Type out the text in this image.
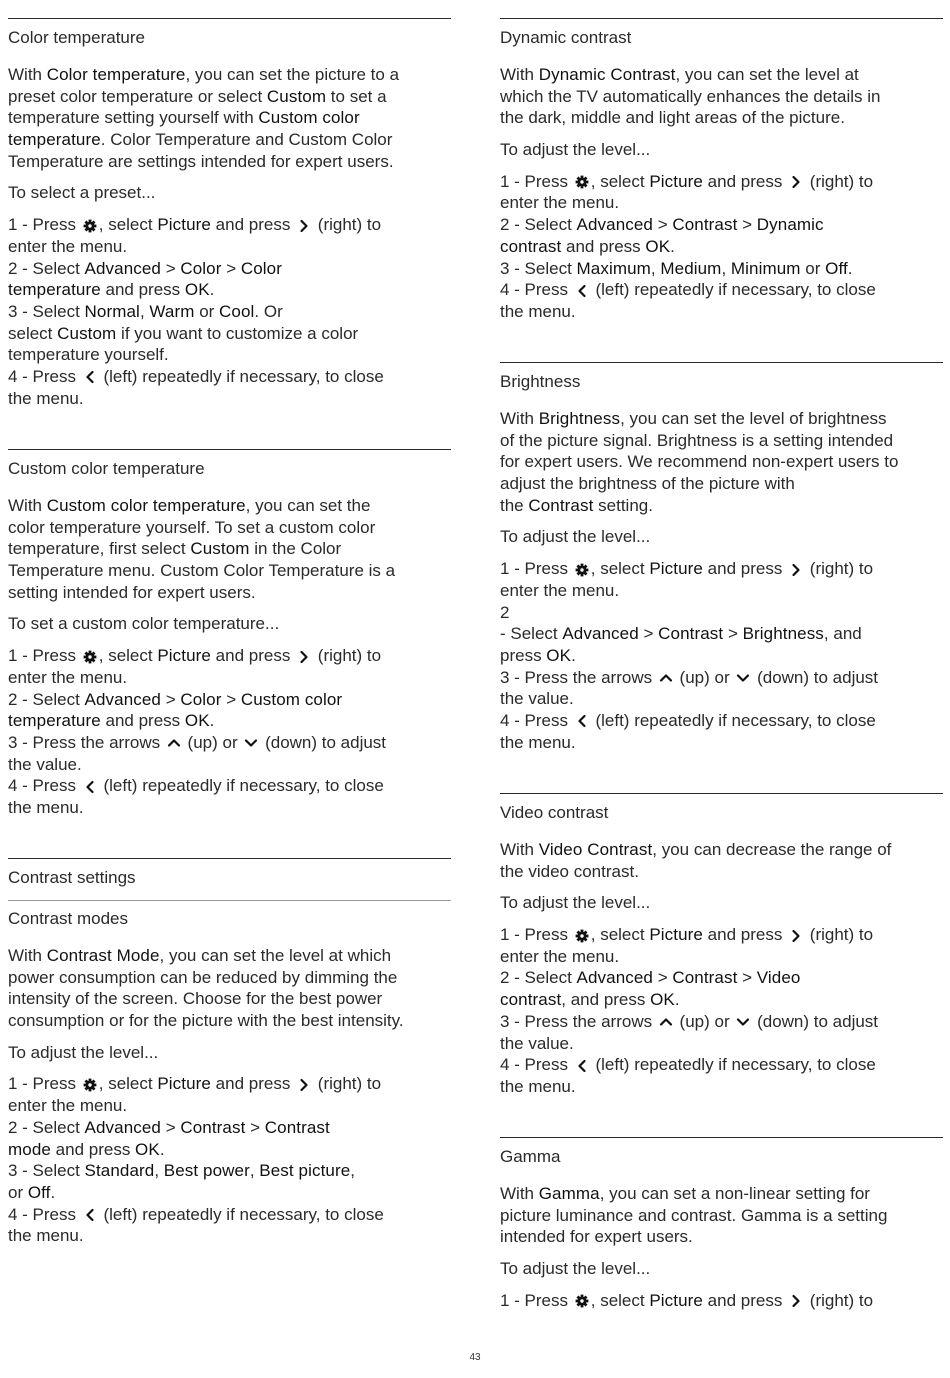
Color temperature
With Color temperature, you can set the picture to a
preset color temperature or select Custom to set a
temperature setting yourself with Custom color
temperature. Color Temperature and Custom Color
Temperature are settings intended for expert users.
To select a preset...
1 - Press
, select Picture and press
(right) to
enter the menu.
2 - Select Advanced > Color > Color
temperature and press OK.
3 - Select Normal, Warm or Cool. Or
select Custom if you want to customize a color
temperature yourself.
4 - Press
(left) repeatedly if necessary, to close
the menu.
Custom color temperature
With Custom color temperature, you can set the
color temperature yourself. To set a custom color
temperature, first select Custom in the Color
Temperature menu. Custom Color Temperature is a
setting intended for expert users.
To set a custom color temperature...
1 - Press
, select Picture and press
(right) to
enter the menu.
2 - Select Advanced > Color > Custom color
temperature and press OK.
3 - Press the arrows
(up) or
(down) to adjust
the value.
4 - Press
(left) repeatedly if necessary, to close
the menu.
Contrast settings
Contrast modes
With Contrast Mode, you can set the level at which
power consumption can be reduced by dimming the
intensity of the screen. Choose for the best power
consumption or for the picture with the best intensity.
To adjust the level...
1 - Press
, select Picture and press
(right) to
enter the menu.
2 - Select Advanced > Contrast > Contrast
mode and press OK.
3 - Select Standard, Best power, Best picture,
or Off.
4 - Press
(left) repeatedly if necessary, to close
the menu.
Dynamic contrast
With Dynamic Contrast, you can set the level at
which the TV automatically enhances the details in
the dark, middle and light areas of the picture.
To adjust the level...
1 - Press
, select Picture and press
(right) to
enter the menu.
2 - Select Advanced > Contrast > Dynamic
contrast and press OK.
3 - Select Maximum, Medium, Minimum or Off.
4 - Press
(left) repeatedly if necessary, to close
the menu.
Brightness
With Brightness, you can set the level of brightness
of the picture signal. Brightness is a setting intended
for expert users. We recommend non-expert users to
adjust the brightness of the picture with
the Contrast setting.
To adjust the level...
1 - Press
, select Picture and press
(right) to
enter the menu.
2
- Select Advanced > Contrast > Brightness, and
press OK.
3 - Press the arrows
(up) or
(down) to adjust
the value.
4 - Press
(left) repeatedly if necessary, to close
the menu.
Video contrast
With Video Contrast, you can decrease the range of
the video contrast.
To adjust the level...
1 - Press
, select Picture and press
(right) to
enter the menu.
2 - Select Advanced > Contrast > Video
contrast, and press OK.
3 - Press the arrows
(up) or
(down) to adjust
the value.
4 - Press
(left) repeatedly if necessary, to close
the menu.
Gamma
With Gamma, you can set a non-linear setting for
picture luminance and contrast. Gamma is a setting
intended for expert users.
To adjust the level...
1 - Press
, select Picture and press
(right) to
43
